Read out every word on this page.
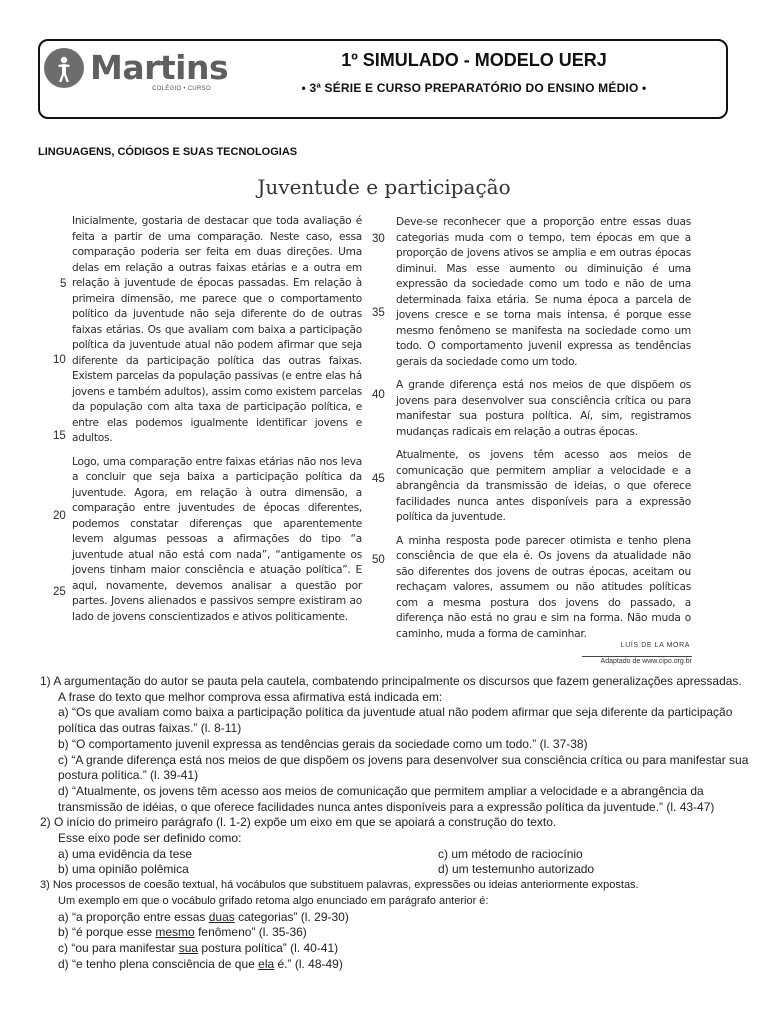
Martins
COLÉGIO • CURSO
1º SIMULADO - MODELO UERJ
• 3ª SÉRIE E CURSO PREPARATÓRIO DO ENSINO MÉDIO •
LINGUAGENS, CÓDIGOS E SUAS TECNOLOGIAS
Juventude e participação

Inicialmente, gostaria de destacar que toda avaliação é feita a partir de uma comparação. Neste caso, essa comparação poderia ser feita em duas direções. Uma delas em relação a outras faixas etárias e a outra em relação à juventude de épocas passadas. Em relação à primeira dimensão, me parece que o comportamento político da juventude não seja diferente do de outras faixas etárias. Os que avaliam com baixa a participação política da juventude atual não podem afirmar que seja diferente da participação política das outras faixas. Existem parcelas da população passivas (e entre elas há jovens e também adultos), assim como existem parcelas da população com alta taxa de participação política, e entre elas podemos igualmente identificar jovens e adultos.

Logo, uma comparação entre faixas etárias não nos leva a concluir que seja baixa a participação política da juventude. Agora, em relação à outra dimensão, a comparação entre juventudes de épocas diferentes, podemos constatar diferenças que aparentemente levem algumas pessoas a afirmações do tipo “a juventude atual não está com nada”, “antigamente os jovens tinham maior consciência e atuação política”. E aqui, novamente, devemos analisar a questão por partes. Jovens alienados e passivos sempre existiram ao lado de jovens conscientizados e ativos politicamente.

Deve-se reconhecer que a proporção entre essas duas categorias muda com o tempo, tem épocas em que a proporção de jovens ativos se amplia e em outras épocas diminui. Mas esse aumento ou diminuição é uma expressão da sociedade como um todo e não de uma determinada faixa etária. Se numa época a parcela de jovens cresce e se torna mais intensa, é porque esse mesmo fenômeno se manifesta na sociedade como um todo. O comportamento juvenil expressa as tendências gerais da sociedade como um todo.

A grande diferença está nos meios de que dispõem os jovens para desenvolver sua consciência crítica ou para manifestar sua postura política. Aí, sim, registramos mudanças radicais em relação a outras épocas.

Atualmente, os jovens têm acesso aos meios de comunicação que permitem ampliar a velocidade e a abrangência da transmissão de ideias, o que oferece facilidades nunca antes disponíveis para a expressão política da juventude.

A minha resposta pode parecer otimista e tenho plena consciência de que ela é. Os jovens da atualidade não são diferentes dos jovens de outras épocas, aceitam ou rechaçam valores, assumem ou não atitudes políticas com a mesma postura dos jovens do passado, a diferença não está no grau e sim na forma. Não muda o caminho, muda a forma de caminhar.

5
10
15
20
25
30
35
40
45
50
LUÍS DE LA MORA
Adaptado de www.cipo.org.br
1) A argumentação do autor se pauta pela cautela, combatendo principalmente os discursos que fazem generalizações apressadas.
A frase do texto que melhor comprova essa afirmativa está indicada em:
a) “Os que avaliam como baixa a participação política da juventude atual não podem afirmar que seja diferente da participação política das outras faixas.” (l. 8-11)
b) “O comportamento juvenil expressa as tendências gerais da sociedade como um todo.” (l. 37-38)
c) “A grande diferença está nos meios de que dispõem os jovens para desenvolver sua consciência crítica ou para manifestar sua postura política.” (l. 39-41)
d) “Atualmente, os jovens têm acesso aos meios de comunicação que permitem ampliar a velocidade e a abrangência da transmissão de idéias, o que oferece facilidades nunca antes disponíveis para a expressão política da juventude.” (l. 43-47)
2) O início do primeiro parágrafo (l. 1-2) expõe um eixo em que se apoiará a construção do texto.
Esse eixo pode ser definido como:
a) uma evidência da tese	c) um método de raciocínio
b) uma opinião polêmica	d) um testemunho autorizado
3) Nos processos de coesão textual, há vocábulos que substituem palavras, expressões ou ideias anteriormente expostas.
Um exemplo em que o vocábulo grifado retoma algo enunciado em parágrafo anterior é:
a) “a proporção entre essas duas categorias” (l. 29-30)
b) “é porque esse mesmo fenômeno” (l. 35-36)
c) “ou para manifestar sua postura política” (l. 40-41)
d) “e tenho plena consciência de que ela é.” (l. 48-49)
